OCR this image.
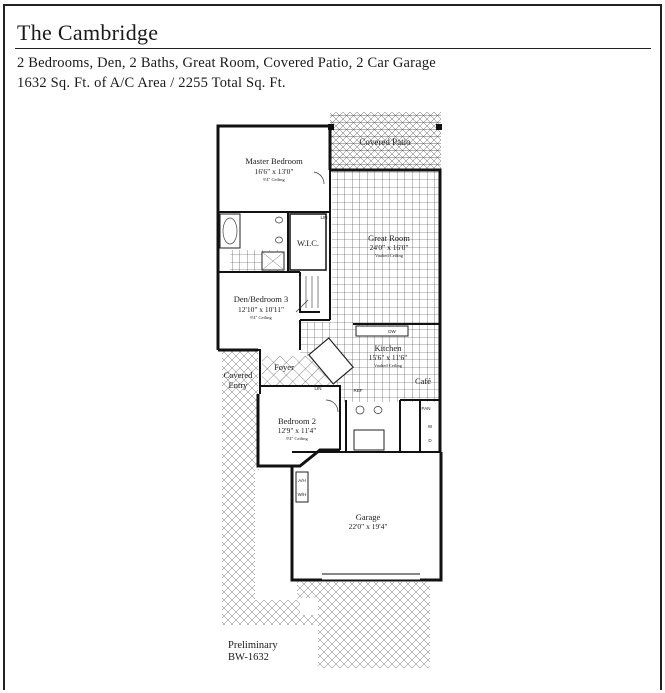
The Cambridge
2 Bedrooms, Den, 2 Baths, Great Room, Covered Patio, 2 Car Garage
1632 Sq. Ft. of A/C Area / 2255 Total Sq. Ft.
Covered Patio
Master Bedroom
16'6" x 13'0"
9'4" Ceiling
W.I.C.	Great Room
24'0" x 16'0"
Vaulted Ceiling
Den/Bedroom 3
12'10" x 10'11"
9'4" Ceiling
Kitchen
15'6" x 11'6"
Vaulted Ceiling
Foyer
Covered
Entry	Café
Bedroom 2
12'9" x 11'4"
9'4" Ceiling
Garage
22'0" x 19'4"
LIN
LIN	REF
DW
A/H
W/H
PAN
W
D
Preliminary
BW-1632
